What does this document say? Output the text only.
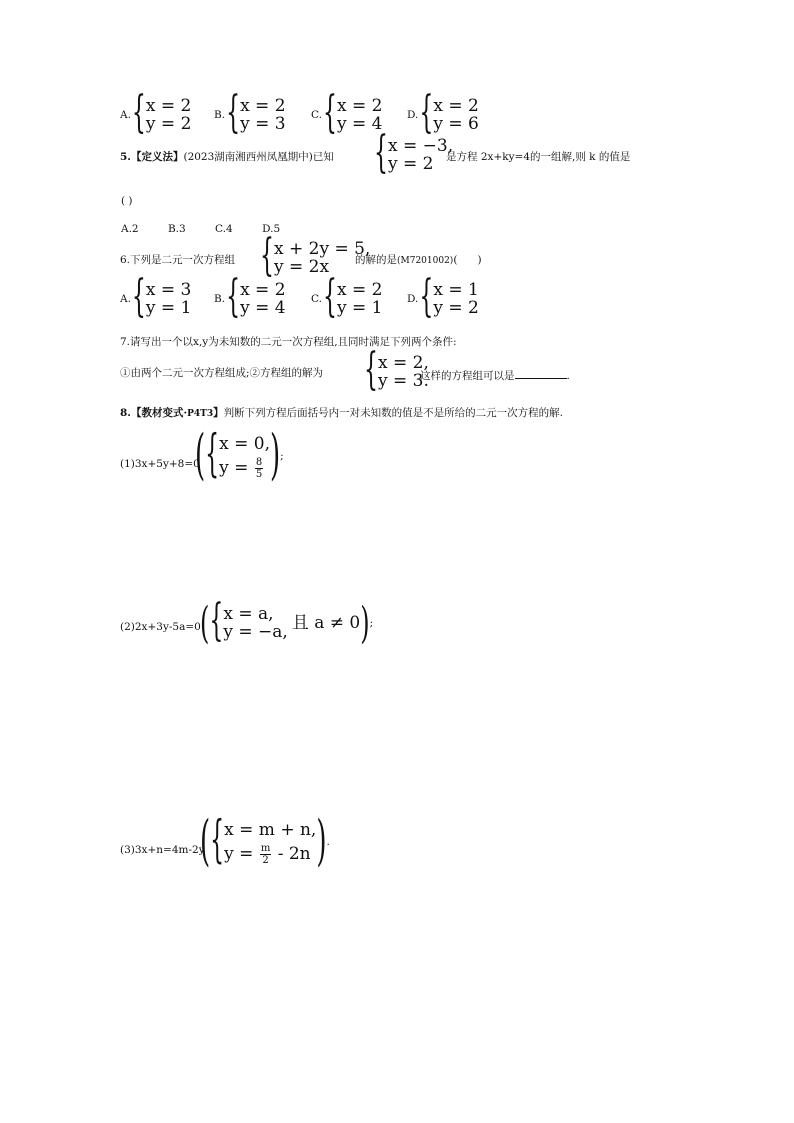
A. { x = 2
y = 2 B. { x = 2
y = 3 C. { x = 2
y = 4 D. { x = 2
y = 6
5.【定义法】(2023湖南湘西州凤凰期中)已知 { x = −3,
y = 2	是方程 2x+ky=4的一组解,则 k 的值是
( )
A.2    B.3    C.4    D.5
6.下列是二元一次方程组 { x + 2y = 5,
y = 2x	的解的是(M7201002)(      )
A. { x = 3
y = 1 B. { x = 2
y = 4 C. { x = 2
y = 1 D. { x = 1
y = 2
7.请写出一个以x,y为未知数的二元一次方程组,且同时满足下列两个条件:
①由两个二元一次方程组成;②方程组的解为 { x = 2,
y = 3.
这样的方程组可以是	.
8.【教材变式·P4T3】判断下列方程后面括号内一对未知数的值是不是所给的二元一次方程的解.
(1)3x+5y+8=0
( { x = 0,
$y = \frac{8}{5}$ ) ;
(2)2x+3y-5a=0 ( { x = a,
y = −a, 且 a ≠ 0 ) ;
(3)3x+n=4m-2y
( { x = m + n,
$y = \frac{m}{2} - 2n$ ) .
